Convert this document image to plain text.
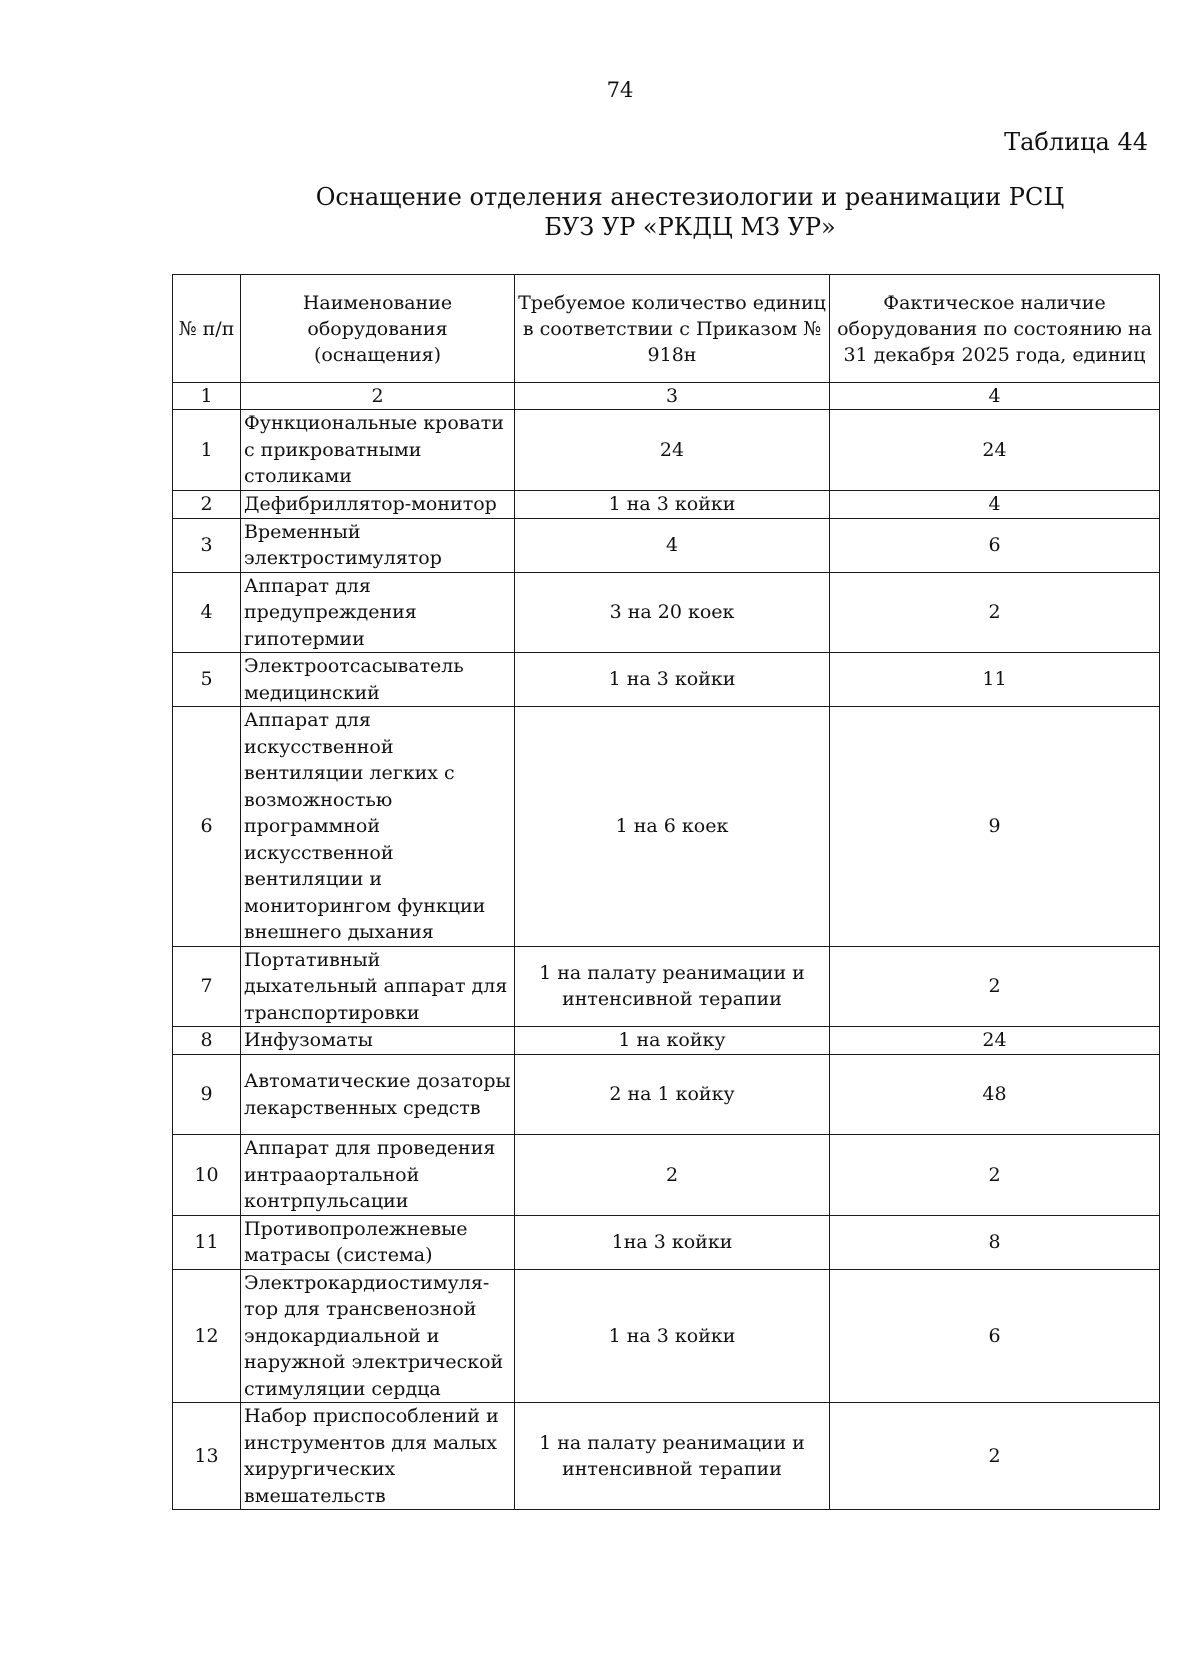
74
Таблица 44
Оснащение отделения анестезиологии и реанимации РСЦ
БУЗ УР «РКДЦ МЗ УР»
№ п/п	Наименование оборудования (оснащения)	Требуемое количество единиц в соответствии с Приказом № 918н	Фактическое наличие оборудования по состоянию на 31 декабря 2025 года, единиц
1	2	3	4
1	Функциональные кровати с прикроватными столиками	24	24
2	Дефибриллятор-монитор	1 на 3 койки	4
3	Временный электростимулятор	4	6
4	Аппарат для предупреждения гипотермии	3 на 20 коек	2
5	Электроотсасыватель медицинский	1 на 3 койки	11
6	Аппарат для искусственной вентиляции легких с возможностью программной искусственной вентиляции и мониторингом функции внешнего дыхания	1 на 6 коек	9
7	Портативный дыхательный аппарат для транспортировки	1 на палату реанимации и интенсивной терапии	2
8	Инфузоматы	1 на койку	24
9	Автоматические дозаторы лекарственных средств	2 на 1 койку	48
10	Аппарат для проведения интрааортальной контрпульсации	2	2
11	Противопролежневые матрасы (система)	1на 3 койки	8
12	Электрокардиостимуля-тор для трансвенозной эндокардиальной и наружной электрической стимуляции сердца	1 на 3 койки	6
13	Набор приспособлений и инструментов для малых хирургических вмешательств	1 на палату реанимации и интенсивной терапии	2
